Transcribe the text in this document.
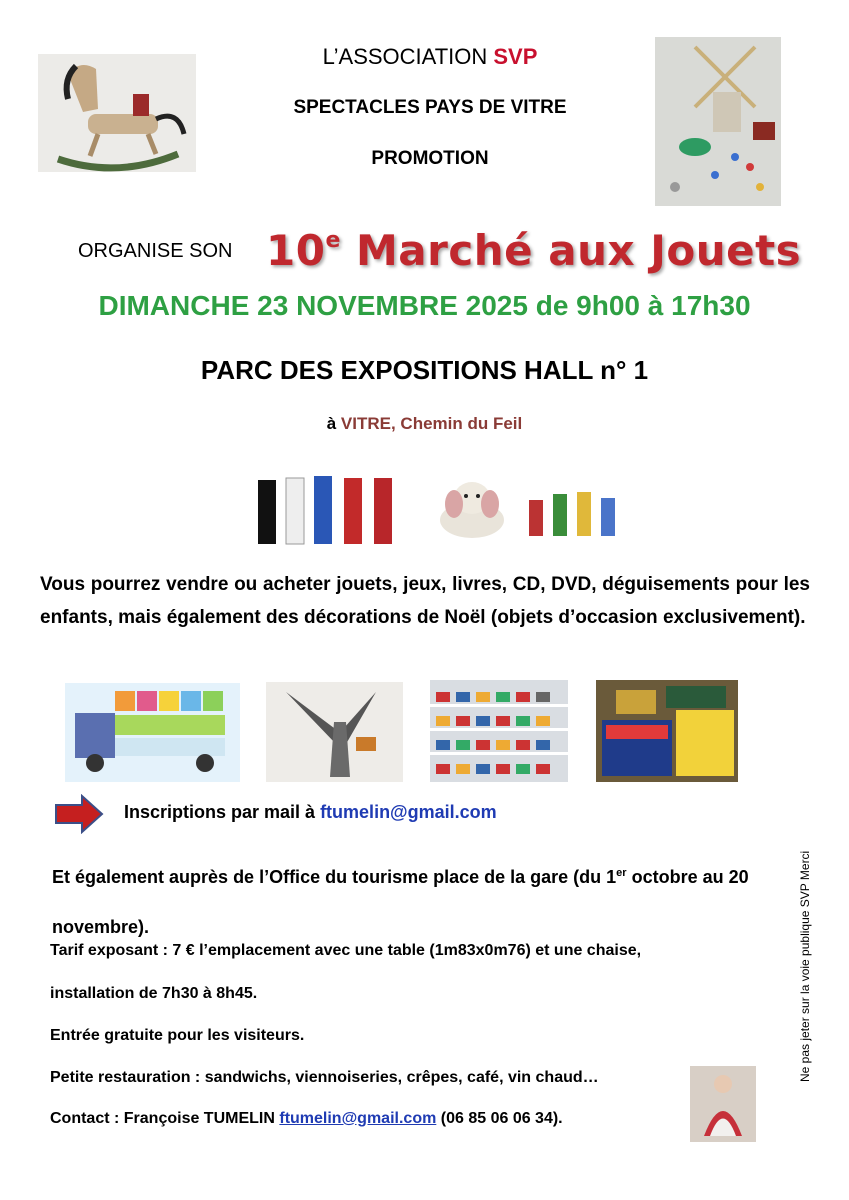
L’ASSOCIATION SVP
SPECTACLES PAYS DE VITRE
PROMOTION
ORGANISE SON 10e Marché aux Jouets
DIMANCHE 23 NOVEMBRE 2025 de 9h00 à 17h30
PARC DES EXPOSITIONS HALL n° 1
à VITRE, Chemin du Feil
Vous pourrez vendre ou acheter jouets, jeux, livres, CD, DVD, déguisements pour les enfants, mais également des décorations de Noël (objets d’occasion exclusivement).
Inscriptions par mail à ftumelin@gmail.com
Et également auprès de l’Office du tourisme place de la gare (du 1er octobre au 20 novembre).
Tarif exposant : 7 € l’emplacement avec une table (1m83x0m76) et une chaise,
installation de 7h30 à 8h45.
Entrée gratuite pour les visiteurs.
Petite restauration : sandwichs, viennoiseries, crêpes, café, vin chaud…
Contact : Françoise TUMELIN ftumelin@gmail.com (06 85 06 06 34).
Ne pas jeter sur la voie publique SVP Merci
